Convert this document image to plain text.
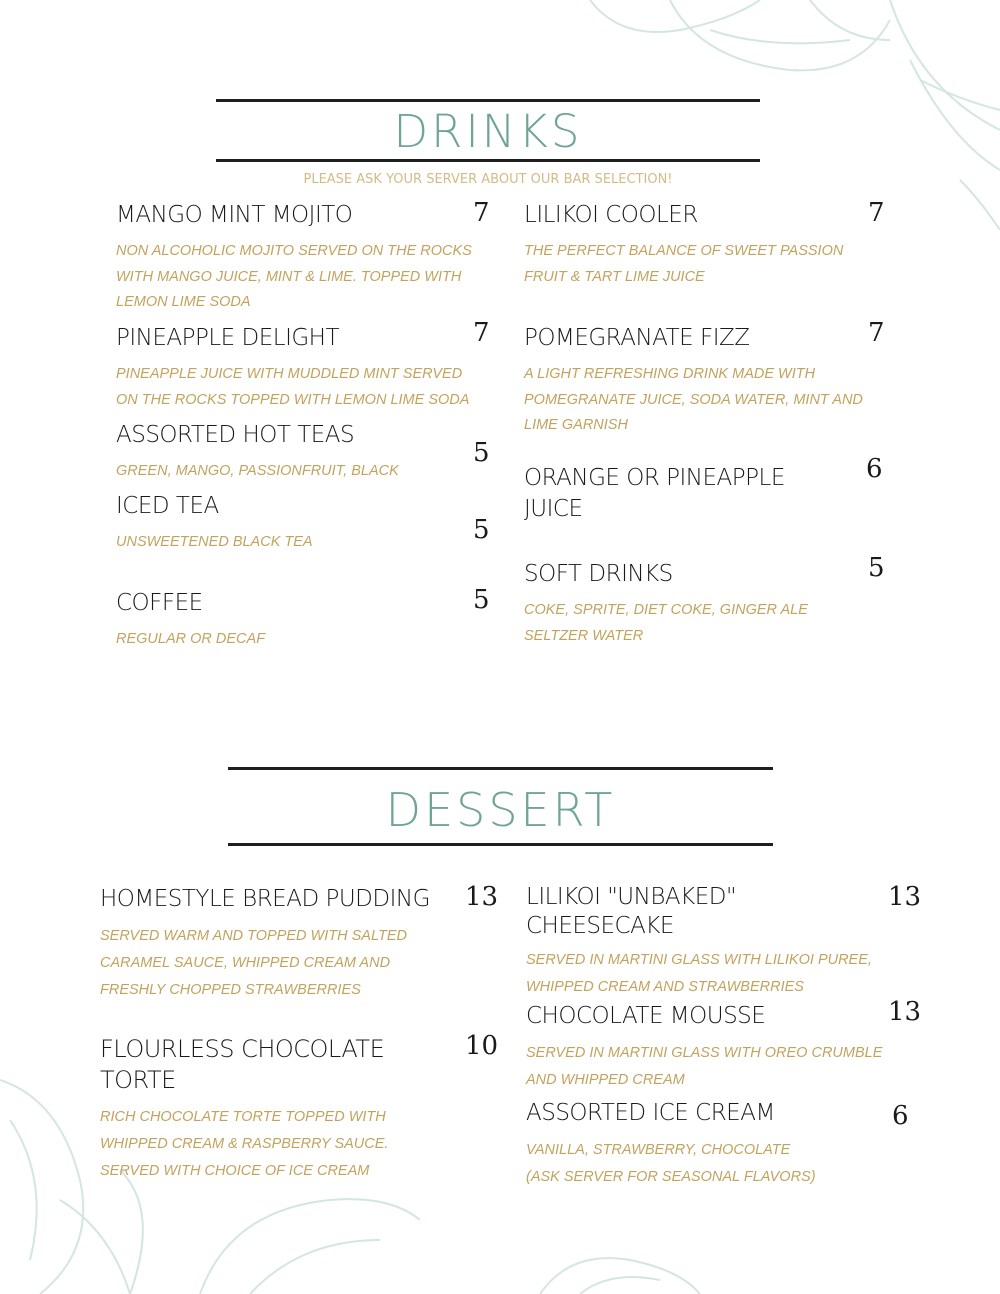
DRINKS
PLEASE ASK YOUR SERVER ABOUT OUR BAR SELECTION!
MANGO MINT MOJITO
NON ALCOHOLIC MOJITO SERVED ON THE ROCKS WITH MANGO JUICE, MINT & LIME. TOPPED WITH LEMON LIME SODA
7
PINEAPPLE DELIGHT
PINEAPPLE JUICE WITH MUDDLED MINT SERVED ON THE ROCKS TOPPED WITH LEMON LIME SODA
7
ASSORTED HOT TEAS
GREEN, MANGO, PASSIONFRUIT, BLACK
5
ICED TEA
UNSWEETENED BLACK TEA	5
COFFEE
REGULAR OR DECAF
5
LILIKOI COOLER
THE PERFECT BALANCE OF SWEET PASSION FRUIT & TART LIME JUICE
7
POMEGRANATE FIZZ
A LIGHT REFRESHING DRINK MADE WITH POMEGRANATE JUICE, SODA WATER, MINT AND LIME GARNISH
7
ORANGE OR PINEAPPLE JUICE
6
SOFT DRINKS
COKE, SPRITE, DIET COKE, GINGER ALE SELTZER WATER
5
DESSERT
HOMESTYLE BREAD PUDDING
SERVED WARM AND TOPPED WITH SALTED CARAMEL SAUCE, WHIPPED CREAM AND FRESHLY CHOPPED STRAWBERRIES
13
FLOURLESS CHOCOLATE TORTE
RICH CHOCOLATE TORTE TOPPED WITH WHIPPED CREAM & RASPBERRY SAUCE. SERVED WITH CHOICE OF ICE CREAM
10
LILIKOI "UNBAKED" CHEESECAKE
SERVED IN MARTINI GLASS WITH LILIKOI PUREE, WHIPPED CREAM AND STRAWBERRIES
13
CHOCOLATE MOUSSE
SERVED IN MARTINI GLASS WITH OREO CRUMBLE AND WHIPPED CREAM
13
ASSORTED ICE CREAM
VANILLA, STRAWBERRY, CHOCOLATE (ASK SERVER FOR SEASONAL FLAVORS)
6
